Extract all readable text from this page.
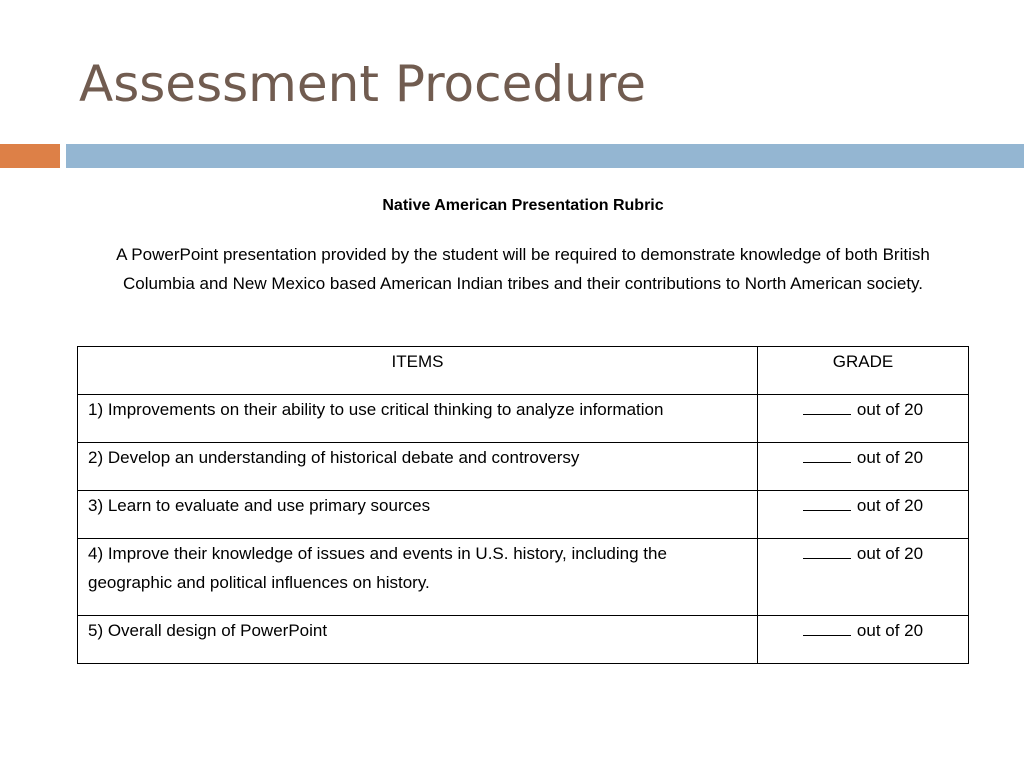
Assessment Procedure

Native American Presentation Rubric

A PowerPoint presentation provided by the student will be required to demonstrate knowledge of both British Columbia and New Mexico based American Indian tribes and their contributions to North American society.

ITEMS	GRADE
1) Improvements on their ability to use critical thinking to analyze information	out of 20
2) Develop an understanding of historical debate and controversy	out of 20
3) Learn to evaluate and use primary sources	out of 20
4) Improve their knowledge of issues and events in U.S. history, including the geographic and political influences on history.	out of 20
5) Overall design of PowerPoint	out of 20
